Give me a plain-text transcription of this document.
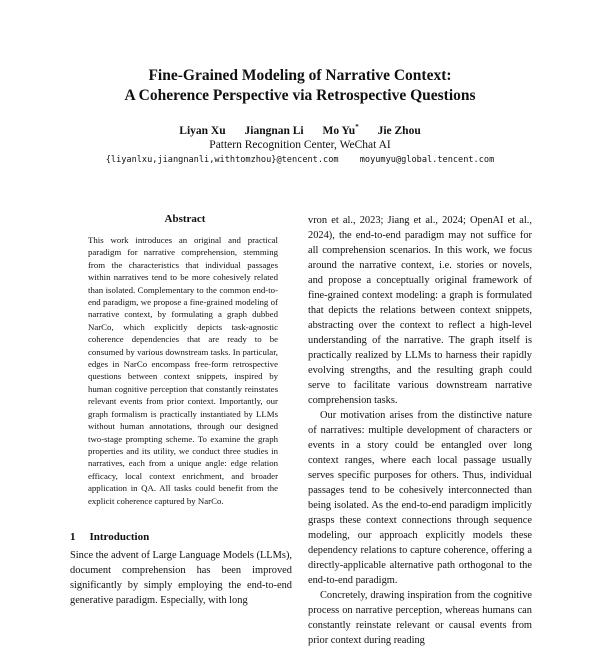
Fine-Grained Modeling of Narrative Context:
A Coherence Perspective via Retrospective Questions
Liyan Xu Jiangnan Li Mo Yu* Jie Zhou
Pattern Recognition Center, WeChat AI
{liyanlxu,jiangnanli,withtomzhou}@tencent.com moyumyu@global.tencent.com
Abstract
This work introduces an original and practical paradigm for narrative comprehension, stemming from the characteristics that individual passages within narratives tend to be more cohesively related than isolated. Complementary to the common end-to-end paradigm, we propose a fine-grained modeling of narrative context, by formulating a graph dubbed NarCo, which explicitly depicts task-agnostic coherence dependencies that are ready to be consumed by various downstream tasks. In particular, edges in NarCo encompass free-form retrospective questions between context snippets, inspired by human cognitive perception that constantly reinstates relevant events from prior context. Importantly, our graph formalism is practically instantiated by LLMs without human annotations, through our designed two-stage prompting scheme. To examine the graph properties and its utility, we conduct three studies in narratives, each from a unique angle: edge relation efficacy, local context enrichment, and broader application in QA. All tasks could benefit from the explicit coherence captured by NarCo.
1 Introduction
Since the advent of Large Language Models (LLMs), document comprehension has been improved significantly by simply employing the end-to-end generative paradigm. Especially, with long

vron et al., 2023; Jiang et al., 2024; OpenAI et al., 2024), the end-to-end paradigm may not suffice for all comprehension scenarios. In this work, we focus around the narrative context, i.e. stories or novels, and propose a conceptually original framework of fine-grained context modeling: a graph is formulated that depicts the relations between context snippets, abstracting over the context to reflect a high-level understanding of the narrative. The graph itself is practically realized by LLMs to harness their rapidly evolving strengths, and the resulting graph could serve to facilitate various downstream narrative comprehension tasks.

Our motivation arises from the distinctive nature of narratives: multiple development of characters or events in a story could be entangled over long context ranges, where each local passage usually serves specific purposes for others. Thus, individual passages tend to be cohesively interconnected than being isolated. As the end-to-end paradigm implicitly grasps these context connections through sequence modeling, our approach explicitly models these dependency relations to capture coherence, offering a directly-applicable alternative path orthogonal to the end-to-end paradigm.

Concretely, drawing inspiration from the cognitive process on narrative perception, whereas humans can constantly reinstate relevant or causal events from prior context during reading
